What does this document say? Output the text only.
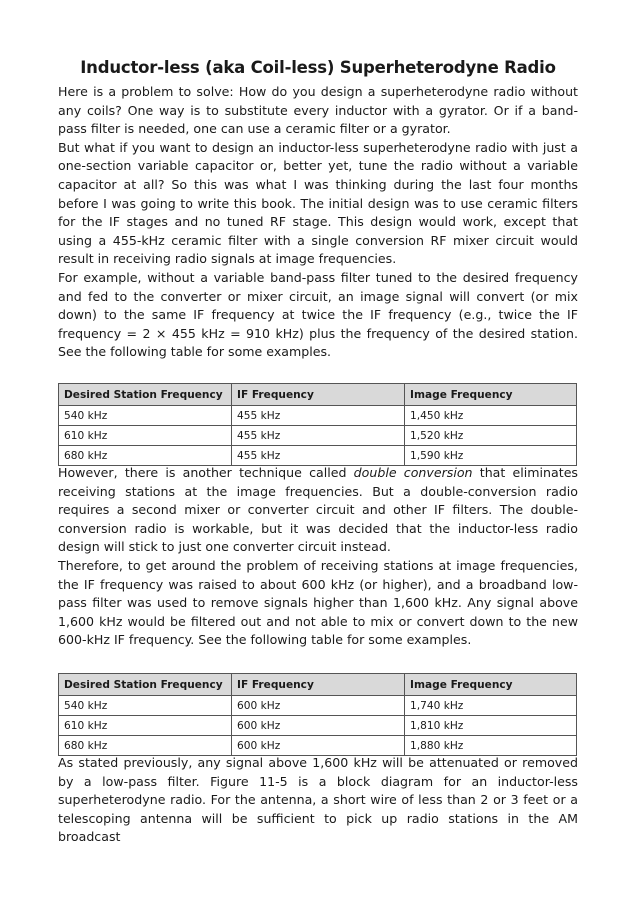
Inductor-less (aka Coil-less) Superheterodyne Radio

Here is a problem to solve: How do you design a superheterodyne radio without any coils? One way is to substitute every inductor with a gyrator. Or if a band-pass filter is needed, one can use a ceramic filter or a gyrator.

But what if you want to design an inductor-less superheterodyne radio with just a one-section variable capacitor or, better yet, tune the radio without a variable capacitor at all? So this was what I was thinking during the last four months before I was going to write this book. The initial design was to use ceramic filters for the IF stages and no tuned RF stage. This design would work, except that using a 455-kHz ceramic filter with a single conversion RF mixer circuit would result in receiving radio signals at image frequencies.

For example, without a variable band-pass filter tuned to the desired frequency and fed to the converter or mixer circuit, an image signal will convert (or mix down) to the same IF frequency at twice the IF frequency (e.g., twice the IF frequency = 2 × 455 kHz = 910 kHz) plus the frequency of the desired station. See the following table for some examples.

Desired Station Frequency	IF Frequency	Image Frequency
540 kHz	455 kHz	1,450 kHz
610 kHz	455 kHz	1,520 kHz
680 kHz	455 kHz	1,590 kHz

However, there is another technique called double conversion that eliminates receiving stations at the image frequencies. But a double-conversion radio requires a second mixer or converter circuit and other IF filters. The double-conversion radio is workable, but it was decided that the inductor-less radio design will stick to just one converter circuit instead.

Therefore, to get around the problem of receiving stations at image frequencies, the IF frequency was raised to about 600 kHz (or higher), and a broadband low-pass filter was used to remove signals higher than 1,600 kHz. Any signal above 1,600 kHz would be filtered out and not able to mix or convert down to the new 600-kHz IF frequency. See the following table for some examples.

Desired Station Frequency	IF Frequency	Image Frequency
540 kHz	600 kHz	1,740 kHz
610 kHz	600 kHz	1,810 kHz
680 kHz	600 kHz	1,880 kHz

As stated previously, any signal above 1,600 kHz will be attenuated or removed by a low-pass filter. Figure 11-5 is a block diagram for an inductor-less superheterodyne radio. For the antenna, a short wire of less than 2 or 3 feet or a telescoping antenna will be sufficient to pick up radio stations in the AM broadcast
